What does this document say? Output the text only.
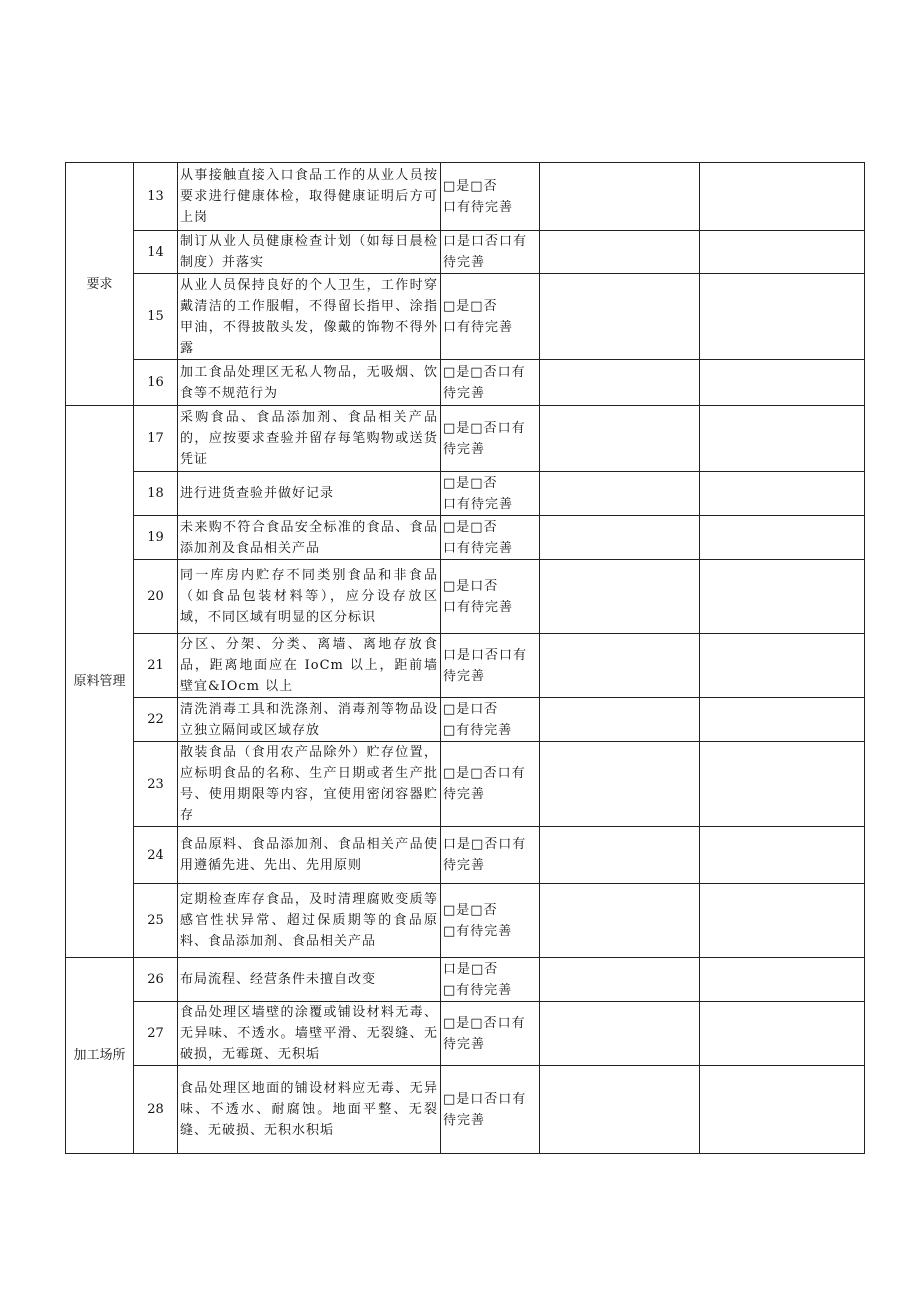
要求	13	从事接触直接入口食品工作的从业人员按要求进行健康体检，取得健康证明后方可上岗	□是□否
口有待完善		
	14	制订从业人员健康检查计划（如每日晨检制度）并落实	口是口否口有待完善		
	15	从业人员保持良好的个人卫生，工作时穿戴清洁的工作服帽，不得留长指甲、涂指甲油，不得披散头发，像戴的饰物不得外露	□是□否
口有待完善		
	16	加工食品处理区无私人物品，无吸烟、饮食等不规范行为	□是□否口有待完善		
原料管理	17	采购食品、食品添加剂、食品相关产品的，应按要求查验并留存每笔购物或送货凭证	□是□否口有待完善		
	18	进行进货查验并做好记录	□是□否
口有待完善		
	19	未来购不符合食品安全标准的食品、食品添加剂及食品相关产品	□是□否
口有待完善		
	20	同一库房内贮存不同类别食品和非食品（如食品包装材料等），应分设存放区域，不同区域有明显的区分标识	□是口否
口有待完善		
	21	分区、分架、分类、离墙、离地存放食品，距离地面应在 IoCm 以上，距前墙壁宜&IOcm 以上	口是口否口有待完善		
	22	清洗消毒工具和洗涤剂、消毒剂等物品设立独立隔间或区域存放	□是口否
□有待完善		
	23	散装食品（食用农产品除外）贮存位置，应标明食品的名称、生产日期或者生产批号、使用期限等内容，宜使用密闭容器贮存	□是□否口有待完善		
	24	食品原料、食品添加剂、食品相关产品使用遵循先进、先出、先用原则	口是□否口有待完善		
	25	定期检查库存食品，及时清理腐败变质等感官性状异常、超过保质期等的食品原料、食品添加剂、食品相关产品	□是□否
□有待完善		
加工场所	26	布局流程、经营条件未擅自改变	口是□否
□有待完善		
	27	食品处理区墙壁的涂覆或铺设材料无毒、无异味、不透水。墙壁平滑、无裂缝、无破损，无霉斑、无积垢	□是□否口有待完善		
	28	食品处理区地面的铺设材料应无毒、无异味、不透水、耐腐蚀。地面平整、无裂缝、无破损、无积水积垢	□是口否口有待完善		
